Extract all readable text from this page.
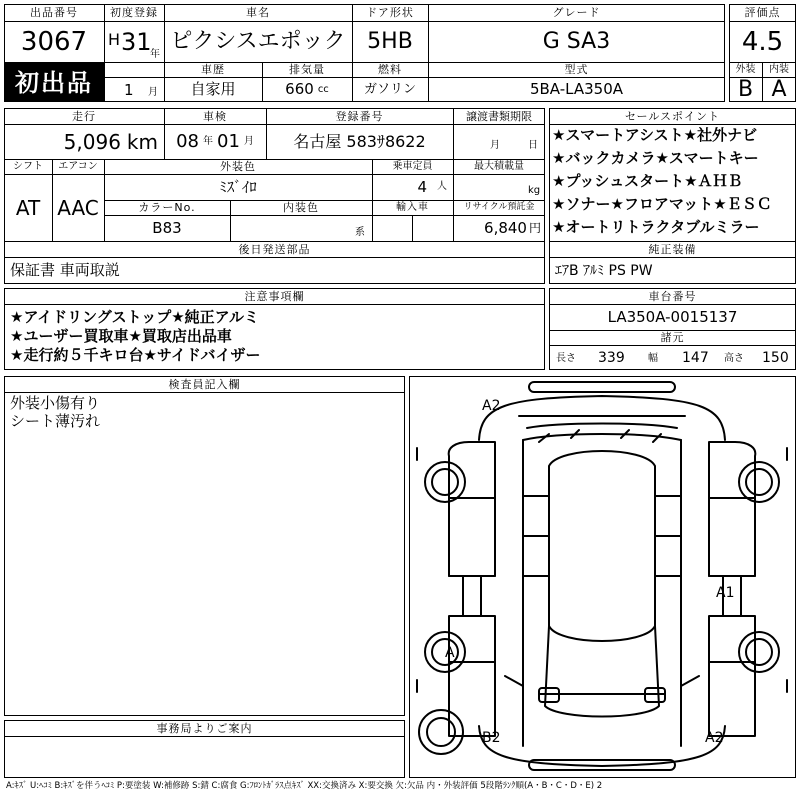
出品番号
3067
初出品
初度登録
H 31
年
1 月
車名
ピクシスエポック
ドア形状
5HB
グレード
G SA3
評価点
4.5
外装	内装
B A
車歴
自家用
排気量
660 cc
燃料
ガソリン
型式
5BA-LA350A
走行
5,096 km
車検
08 年 01 月
登録番号
名古屋 583ｻ8622
譲渡書類期限
月	日
シフト
AT
エアコン
AAC
外装色
ﾐｽﾞｲﾛ
乗車定員
4 人
最大積載量
kg
カラーNo.
B83
内装色
系
輸入車	リサイクル預託金
6,840 円
後日発送部品
保証書 車両取説
セールスポイント
★スマートアシスト★社外ナビ
★バックカメラ★スマートキー
★プッシュスタート★ＡＨＢ
★ソナー★フロアマット★ＥＳＣ
★オートリトラクタブルミラー
純正装備
ｴｱB ｱﾙﾐ PS PW
注意事項欄
★アイドリングストップ★純正アルミ
★ユーザー買取車★買取店出品車
★走行約５千キロ台★サイドバイザー
車台番号
LA350A-0015137
諸元
長さ 339 幅 147 高さ 150
検査員記入欄
外装小傷有り
シート薄汚れ
事務局よりご案内
A2
A1
A
B2	A2
A:ｷｽﾞ U:ﾍｺﾐ B:ｷｽﾞを伴うﾍｺﾐ P:要塗装 W:補修跡 S:錆 C:腐食 G:ﾌﾛﾝﾄｶﾞﾗｽ点ｷｽﾞ XX:交換済み X:要交換 欠:欠品 内・外装評価 5段階ﾗﾝｸ順(A・B・C・D・E) 2
